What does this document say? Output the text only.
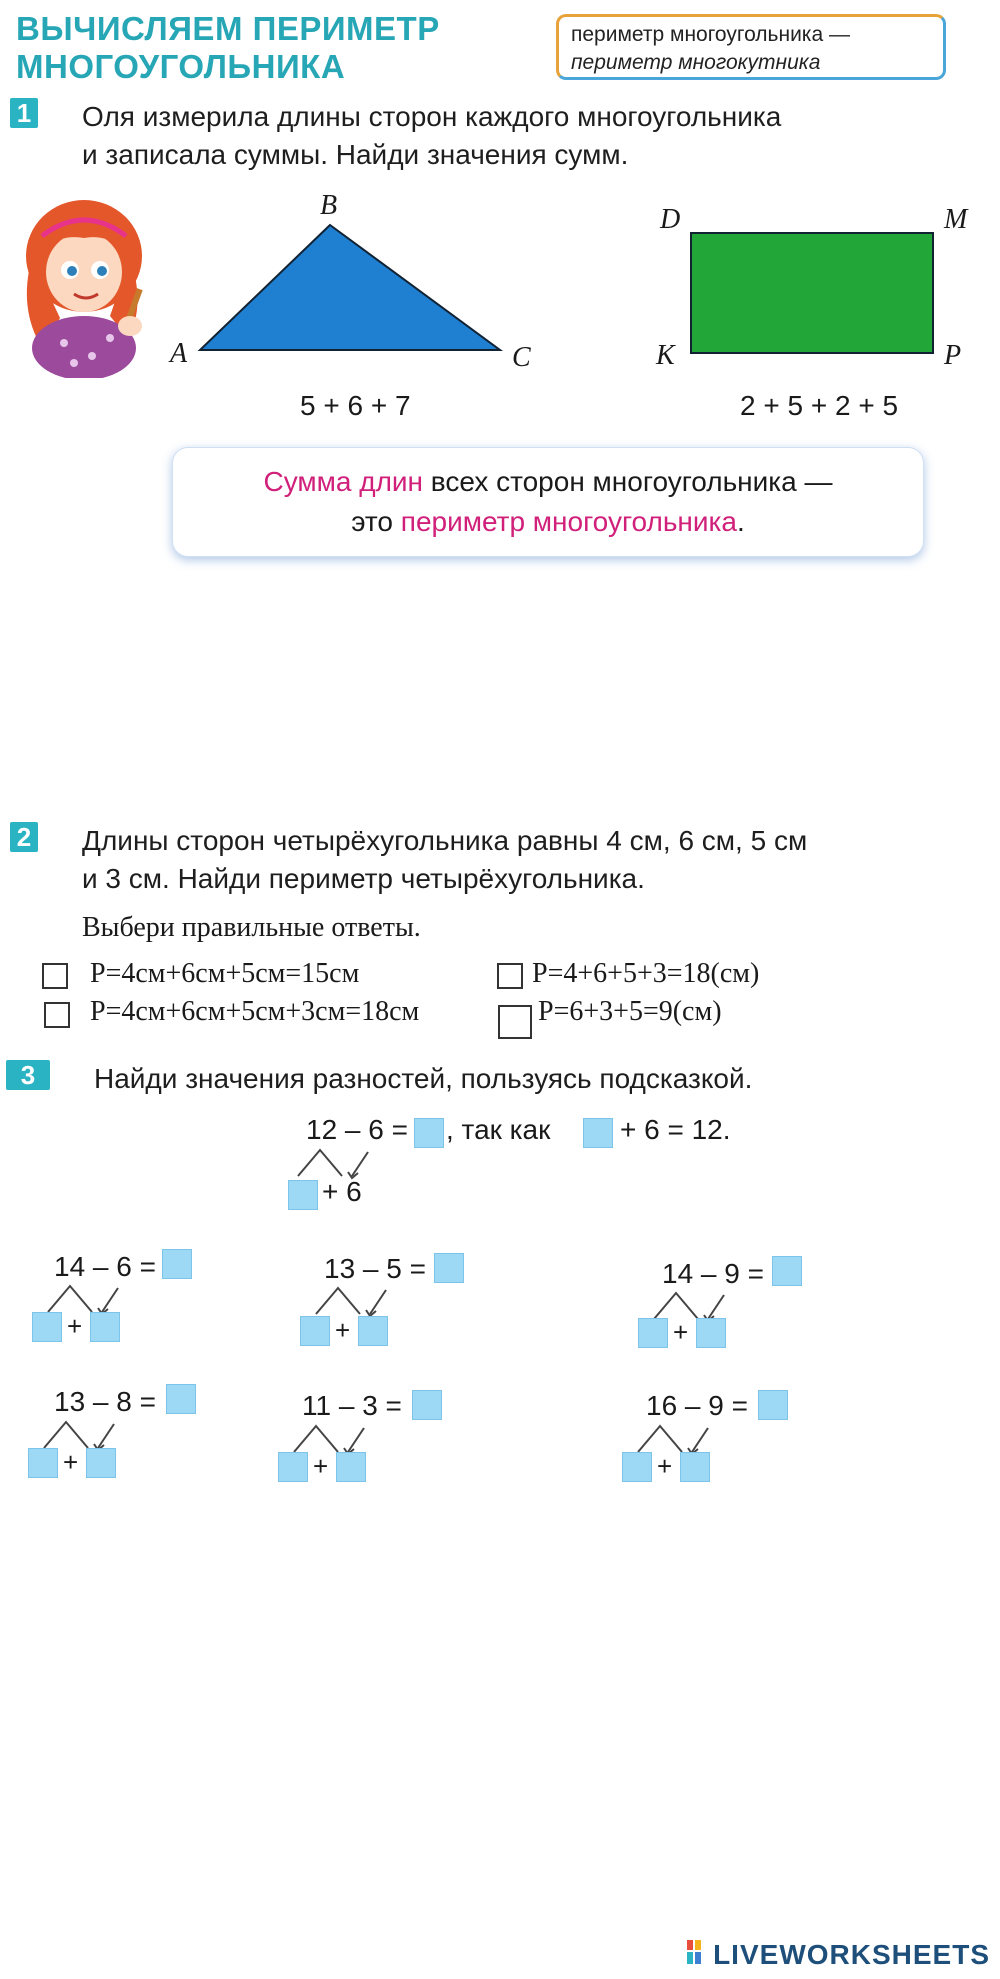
ВЫЧИСЛЯЕМ ПЕРИМЕТР
МНОГОУГОЛЬНИКА
периметр многоугольника —
периметр многокутника
1 Оля измерила длины сторон каждого многоугольника
и записала суммы. Найди значения сумм.
B
A	C
5 + 6 + 7
D	M
K	P
2 + 5 + 2 + 5
Сумма длин всех сторон многоугольника —
это периметр многоугольника.
2 Длины сторон четырёхугольника равны 4 см, 6 см, 5 см
и 3 см. Найди периметр четырёхугольника.
Выбери правильные ответы.
P=4см+6см+5см=15см	P=4+6+5+3=18(см)
P=4см+6см+5см+3см=18см	P=6+3+5=9(см)
3	Найди значения разностей, пользуясь подсказкой.
12 – 6 = , так как + 6 = 12.
+ 6
14 – 6 =
+
13 – 5 =
+
14 – 9 =
+
13 – 8 =
+
11 – 3 =
+
16 – 9 =
+
LIVEWORKSHEETS
